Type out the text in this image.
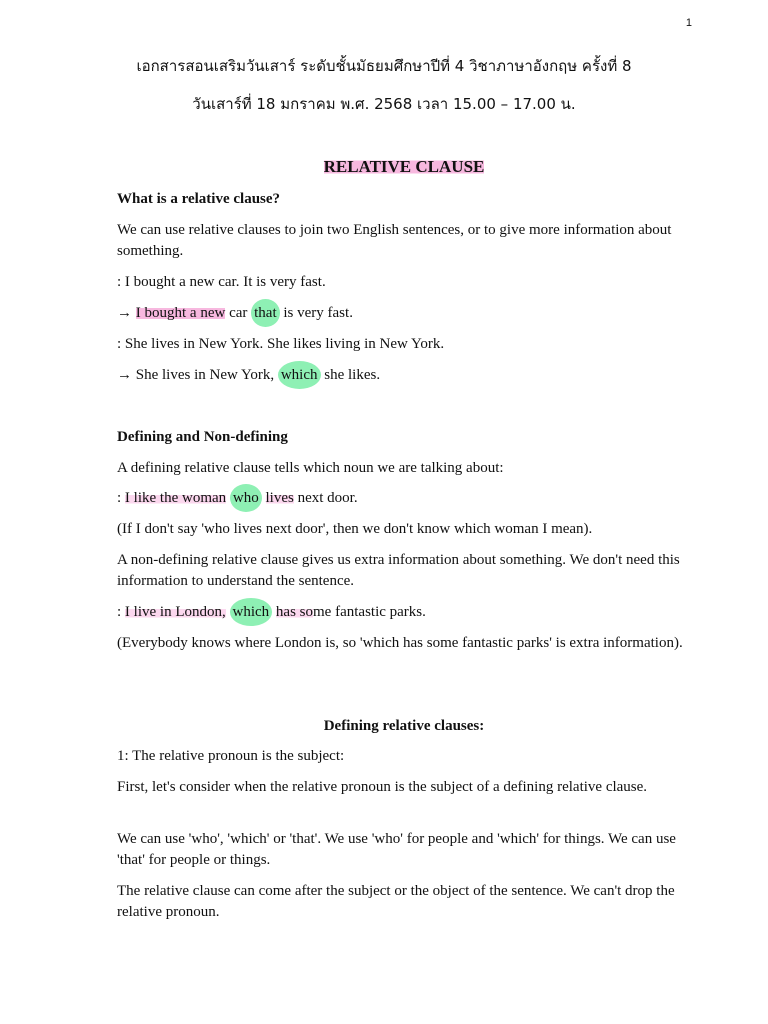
1
เอกสารสอนเสริมวันเสาร์ ระดับชั้นมัธยมศึกษาปีที่ 4 วิชาภาษาอังกฤษ ครั้งที่ 8
วันเสาร์ที่ 18 มกราคม พ.ศ. 2568 เวลา 15.00 – 17.00 น.
RELATIVE CLAUSE
What is a relative clause?
We can use relative clauses to join two English sentences, or to give more information about something.
: I bought a new car. It is very fast.
→ I bought a new car that is very fast.
: She lives in New York. She likes living in New York.
→ She lives in New York, which she likes.
Defining and Non-defining
A defining relative clause tells which noun we are talking about:
: I like the woman who lives next door.
(If I don't say 'who lives next door', then we don't know which woman I mean).
A non-defining relative clause gives us extra information about something. We don't need this information to understand the sentence.
: I live in London, which has some fantastic parks.
(Everybody knows where London is, so 'which has some fantastic parks' is extra information).
Defining relative clauses:
1: The relative pronoun is the subject:
First, let's consider when the relative pronoun is the subject of a defining relative clause.
We can use 'who', 'which' or 'that'. We use 'who' for people and 'which' for things. We can use 'that' for people or things.
The relative clause can come after the subject or the object of the sentence. We can't drop the relative pronoun.
